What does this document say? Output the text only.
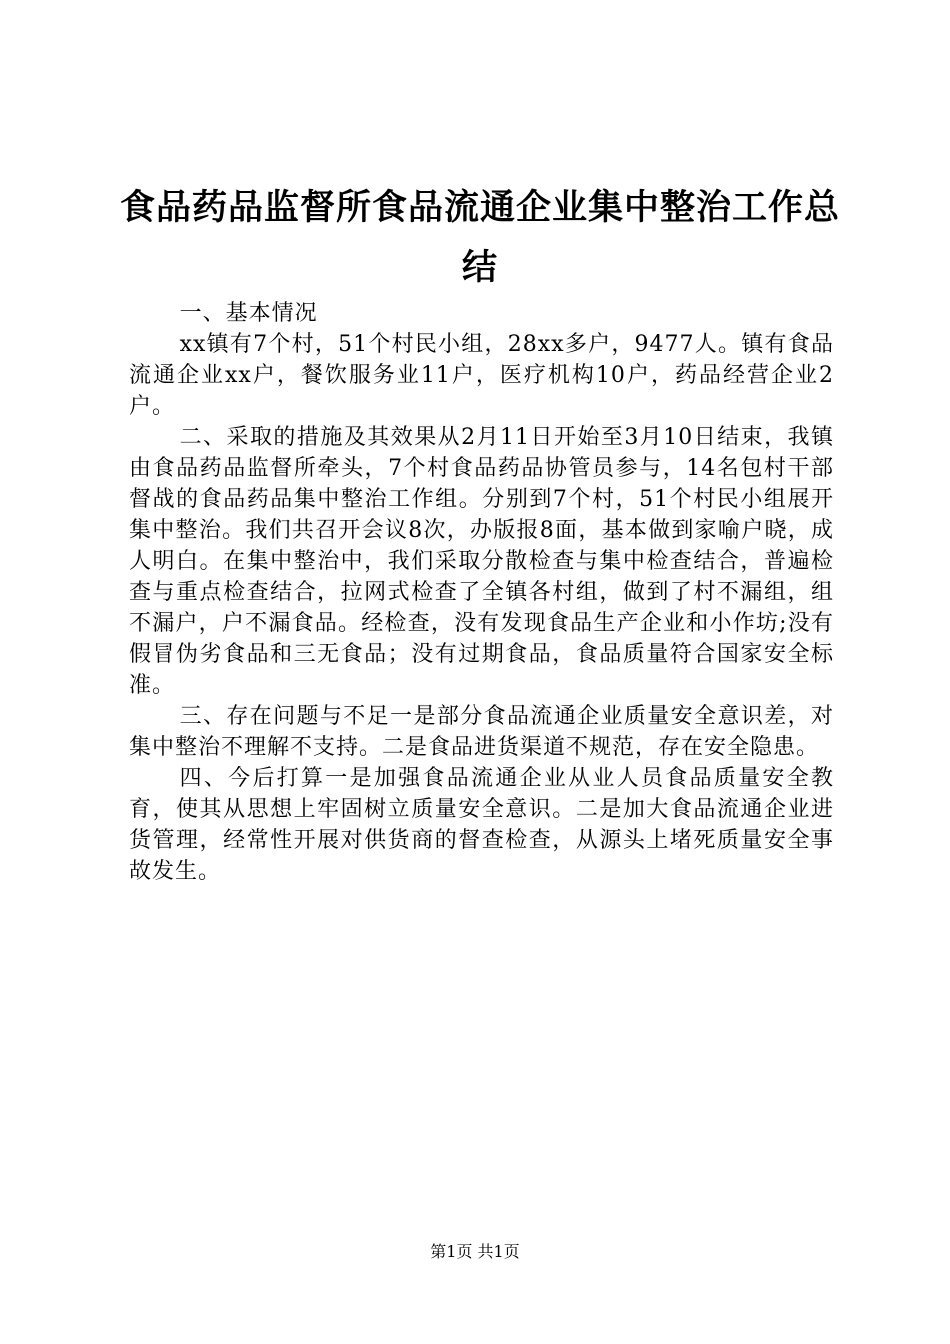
食品药品监督所食品流通企业集中整治工作总结

一、基本情况

xx镇有7个村，51个村民小组，28xx多户，9477人。镇有食品流通企业xx户，餐饮服务业11户，医疗机构10户，药品经营企业2户。

二、采取的措施及其效果从2月11日开始至3月10日结束，我镇由食品药品监督所牵头，7个村食品药品协管员参与，14名包村干部督战的食品药品集中整治工作组。分别到7个村，51个村民小组展开集中整治。我们共召开会议8次，办版报8面，基本做到家喻户晓，成人明白。在集中整治中，我们采取分散检查与集中检查结合，普遍检查与重点检查结合，拉网式检查了全镇各村组，做到了村不漏组，组不漏户，户不漏食品。经检查，没有发现食品生产企业和小作坊;没有假冒伪劣食品和三无食品；没有过期食品，食品质量符合国家安全标准。

三、存在问题与不足一是部分食品流通企业质量安全意识差，对集中整治不理解不支持。二是食品进货渠道不规范，存在安全隐患。

四、今后打算一是加强食品流通企业从业人员食品质量安全教育，使其从思想上牢固树立质量安全意识。二是加大食品流通企业进货管理，经常性开展对供货商的督查检查，从源头上堵死质量安全事故发生。

第1页 共1页
